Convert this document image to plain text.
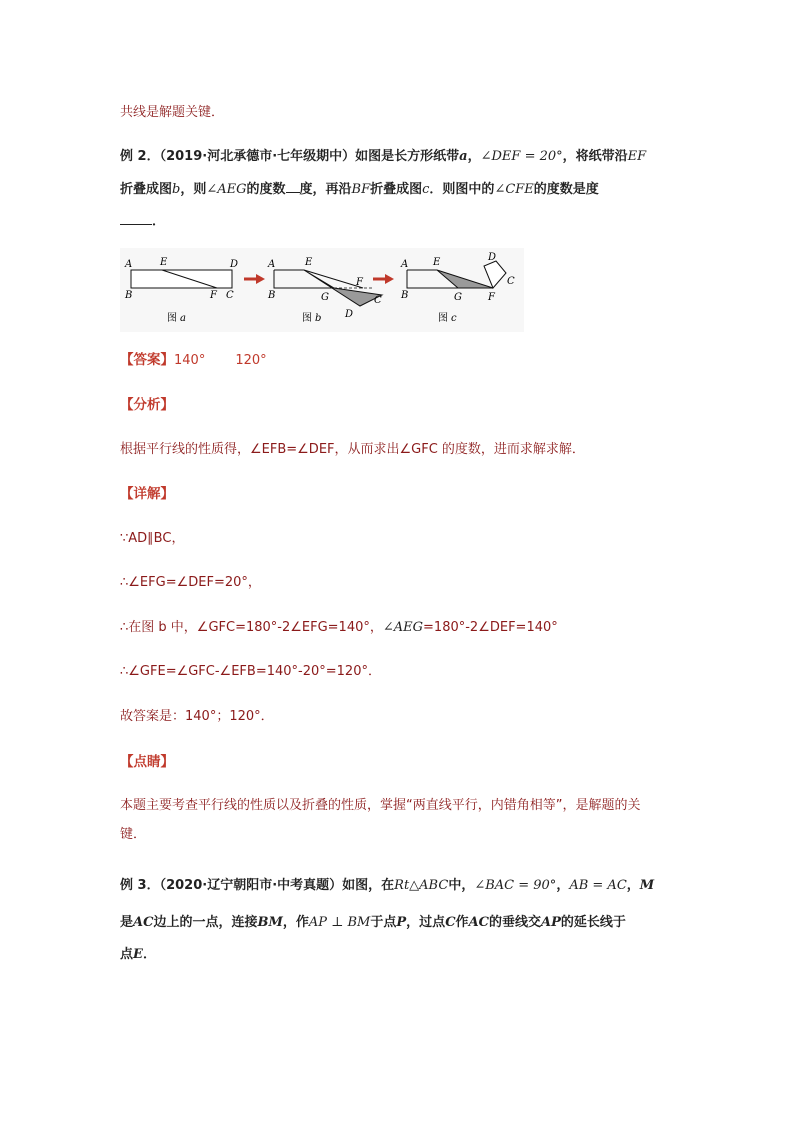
共线是解题关键．
例 2．（2019·河北承德市·七年级期中）如图是长方形纸带a，∠DEF = 20°，将纸带沿EF
折叠成图b，则∠AEG的度数 度，再沿BF折叠成图c．则图中的∠CFE的度数是度
．
A
B
E	D
F C
图 a
A
B
E
F
G	C
D
图 b
A
B
E	D
G	F
C
图 c
【答案】140° 120°
【分析】
根据平行线的性质得，∠EFB=∠DEF，从而求出∠GFC 的度数，进而求解求解．
【详解】
∵AD∥BC，
∴∠EFG=∠DEF=20°，
∴在图 b 中，∠GFC=180°-2∠EFG=140°，∠AEG=180°-2∠DEF=140°
∴∠GFE=∠GFC-∠EFB=140°-20°=120°．
故答案是：140°；120°．
【点睛】
本题主要考查平行线的性质以及折叠的性质，掌握“两直线平行，内错角相等”，是解题的关
键．
例 3．（2020·辽宁朝阳市·中考真题）如图，在Rt△ABC中，∠BAC = 90°，AB = AC，M
是AC边上的一点，连接BM，作AP ⊥ BM于点P，过点C作AC的垂线交AP的延长线于
点E．
